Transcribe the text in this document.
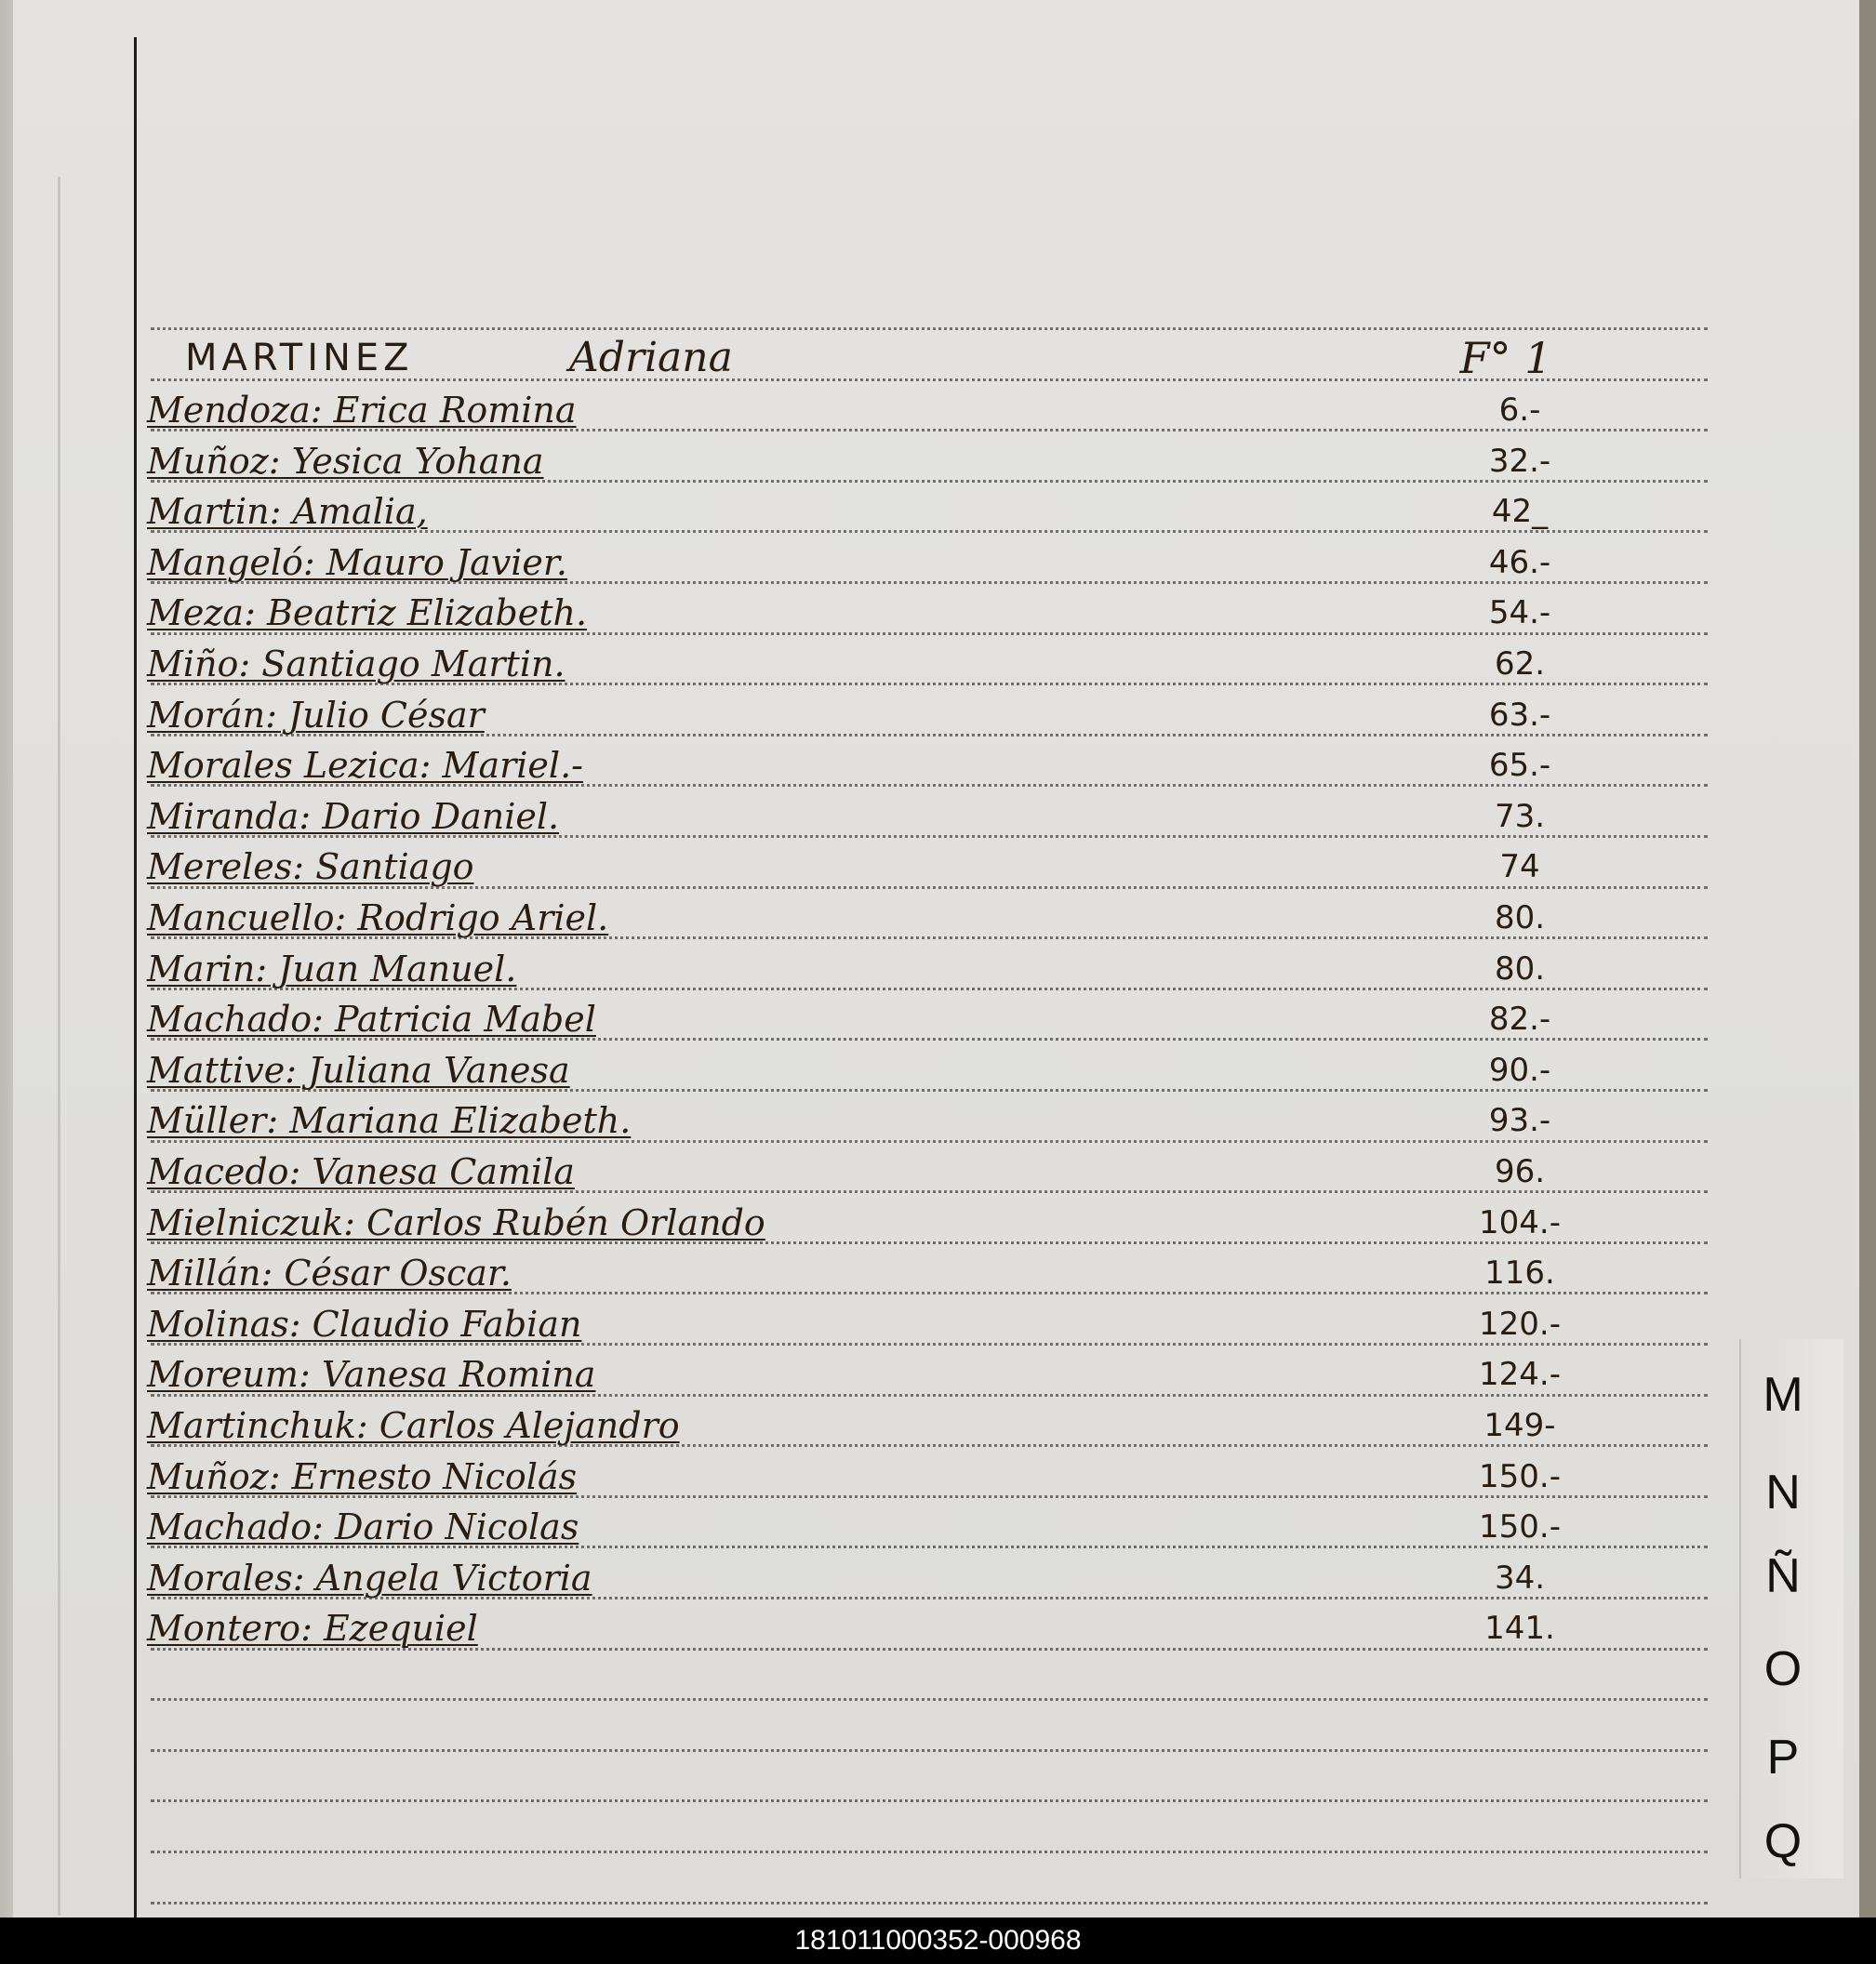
MARTINEZ	Adriana	F° 1
Mendoza: Erica Romina	6.-
Muñoz: Yesica Yohana	32.-
Martin: Amalia,	42_
Mangeló: Mauro Javier.	46.-
Meza: Beatriz Elizabeth.	54.-
Miño: Santiago Martin.	62.
Morán: Julio César	63.-
Morales Lezica: Mariel.-	65.-
Miranda: Dario Daniel.	73.
Mereles: Santiago	74
Mancuello: Rodrigo Ariel.	80.
Marin: Juan Manuel.	80.
Machado: Patricia Mabel	82.-
Mattive: Juliana Vanesa	90.-
Müller: Mariana Elizabeth.	93.-
Macedo: Vanesa Camila	96.
Mielniczuk: Carlos Rubén Orlando	104.-
Millán: César Oscar.	116.
Molinas: Claudio Fabian	120.-
Moreum: Vanesa Romina	124.-
Martinchuk: Carlos Alejandro	149-
Muñoz: Ernesto Nicolás	150.-
Machado: Dario Nicolas	150.-
Morales: Angela Victoria	34.
Montero: Ezequiel	141.
M
N
Ñ
O
P
Q
181011000352-000968
